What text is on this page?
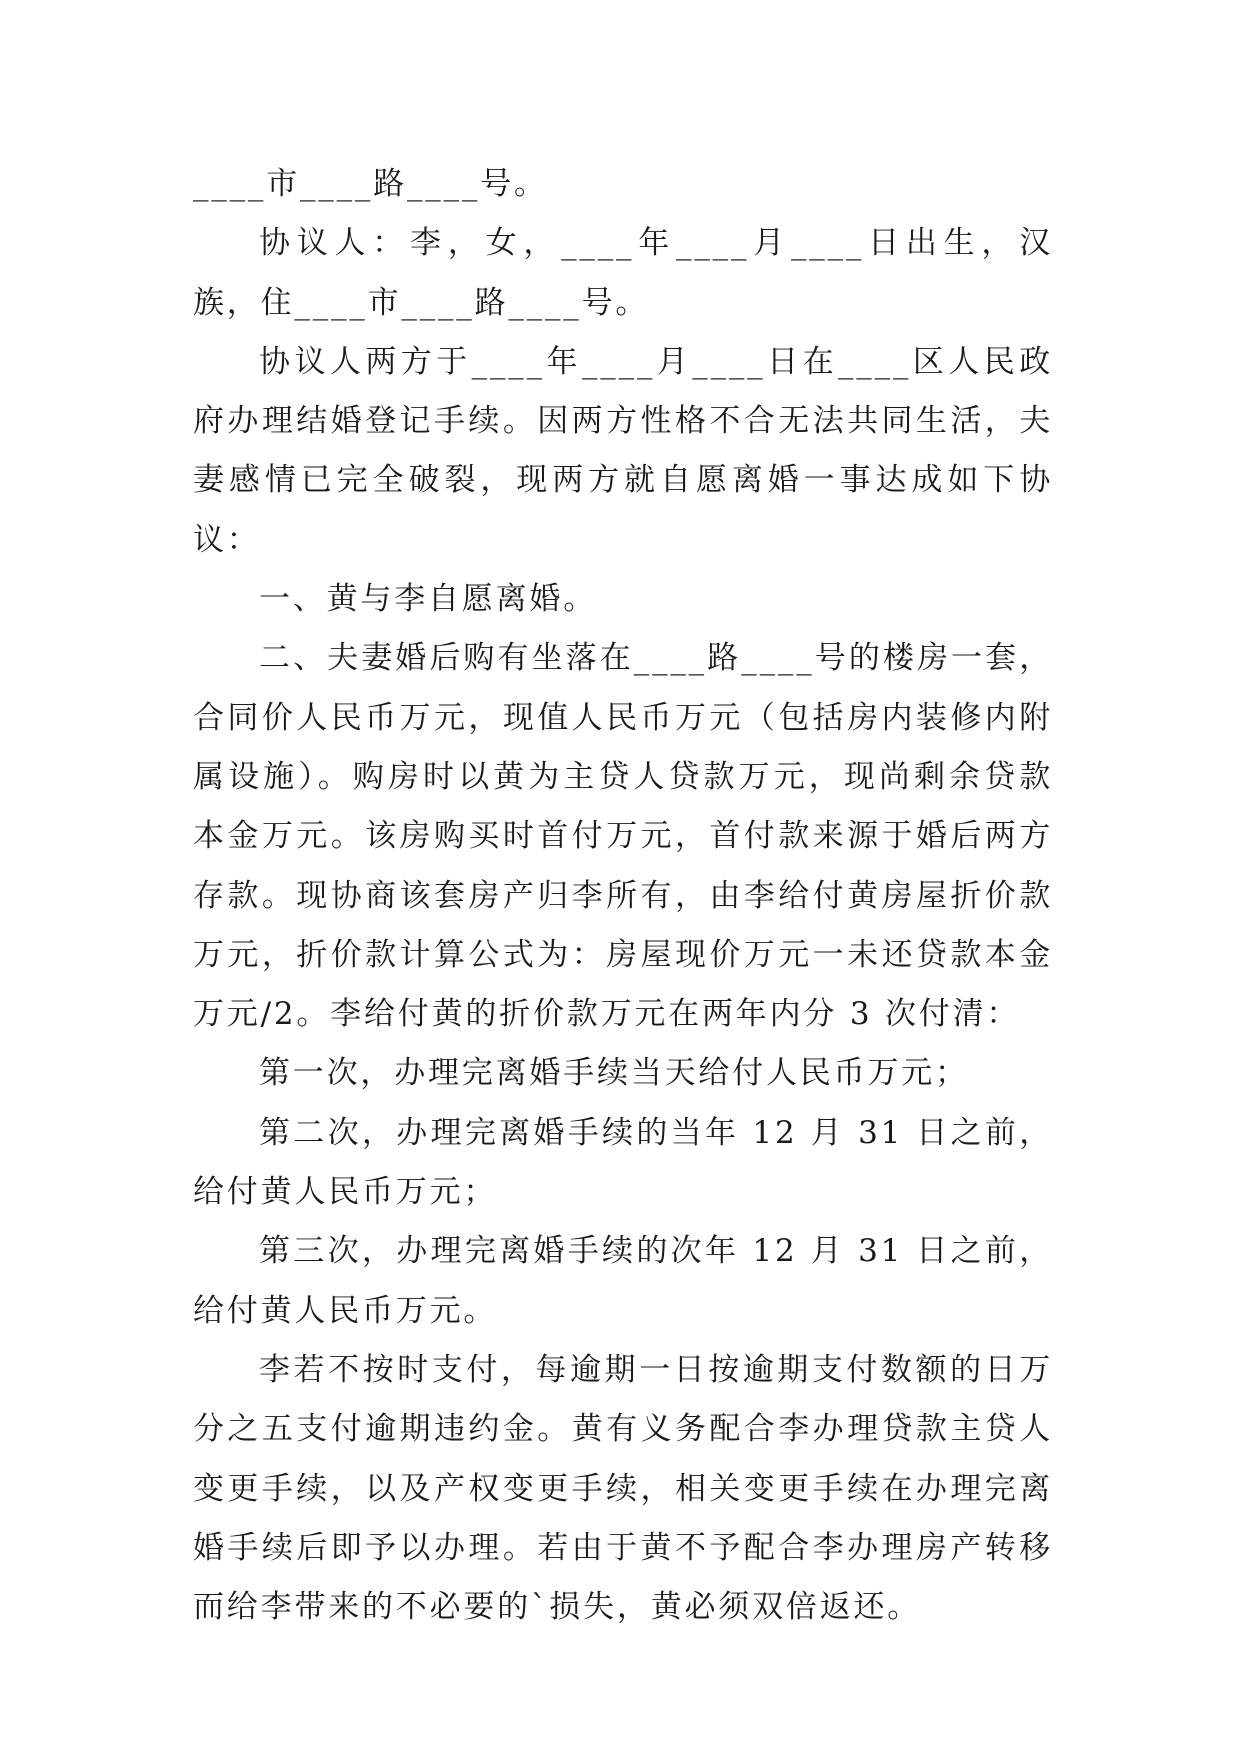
____市____路____号。

协议人：李，女，____年____月____日出生，汉族，住____市____路____号。

协议人两方于____年____月____日在____区人民政府办理结婚登记手续。因两方性格不合无法共同生活，夫妻感情已完全破裂，现两方就自愿离婚一事达成如下协议：

一、黄与李自愿离婚。

二、夫妻婚后购有坐落在____路____号的楼房一套，合同价人民币万元，现值人民币万元（包括房内装修内附属设施）。购房时以黄为主贷人贷款万元，现尚剩余贷款本金万元。该房购买时首付万元，首付款来源于婚后两方存款。现协商该套房产归李所有，由李给付黄房屋折价款万元，折价款计算公式为：房屋现价万元一未还贷款本金万元/2。李给付黄的折价款万元在两年内分 3 次付清：

第一次，办理完离婚手续当天给付人民币万元；

第二次，办理完离婚手续的当年 12 月 31 日之前，给付黄人民币万元；

第三次，办理完离婚手续的次年 12 月 31 日之前，给付黄人民币万元。

李若不按时支付，每逾期一日按逾期支付数额的日万分之五支付逾期违约金。黄有义务配合李办理贷款主贷人变更手续，以及产权变更手续，相关变更手续在办理完离婚手续后即予以办理。若由于黄不予配合李办理房产转移而给李带来的不必要的`损失，黄必须双倍返还。
